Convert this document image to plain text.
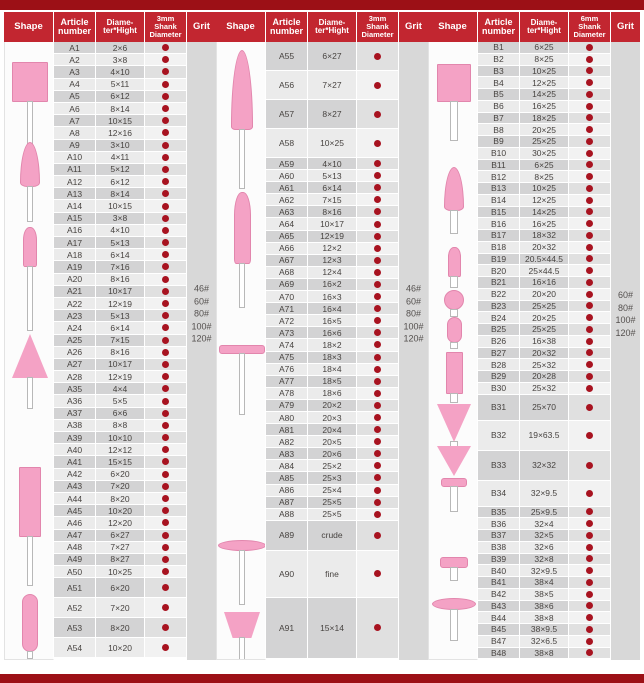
Shape Article
number
Diame-
ter*Hight
3mm
Shank
Diameter
Grit
A1	2×6
A2	3×8
A3	4×10
A4	5×11
A5	6×12
A6	8×14
A7	10×15
A8	12×16
A9	3×10
A10	4×11
A11	5×12
A12	6×12
A13	8×14
A14	10×15
A15	3×8
A16	4×10
A17	5×13
A18	6×14
A19	7×16
A20	8×16
A21	10×17
A22	12×19
A23	5×13
A24	6×14
A25	7×15
A26	8×16
A27	10×17
A28	12×19
A35	4×4
A36	5×5
A37	6×6
A38	8×8
A39	10×10
A40	12×12
A41	15×15
A42	6×20
A43	7×20
A44	8×20
A45	10×20
A46	12×20
A47	6×27
A48	7×27
A49	8×27
A50	10×25
A51	6×20
A52	7×20
A53	8×20
A54	10×20
46#
60#
80#
100#
120#
Shape Article
number
Diame-
ter*Hight
3mm
Shank
Diameter
Grit
A55	6×27
A56	7×27
A57	8×27
A58	10×25
A59	4×10
A60	5×13
A61	6×14
A62	7×15
A63	8×16
A64	10×17
A65	12×19
A66	12×2
A67	12×3
A68	12×4
A69	16×2
A70	16×3
A71	16×4
A72	16×5
A73	16×6
A74	18×2
A75	18×3
A76	18×4
A77	18×5
A78	18×6
A79	20×2
A80	20×3
A81	20×4
A82	20×5
A83	20×6
A84	25×2
A85	25×3
A86	25×4
A87	25×5
A88	25×5
A89	crude
A90	fine
A91	15×14
46#
60#
80#
100#
120#
Shape Article
number
Diame-
ter*Hight
6mm
Shank
Diameter
Grit
B1	6×25
B2	8×25
B3	10×25
B4	12×25
B5	14×25
B6	16×25
B7	18×25
B8	20×25
B9	25×25
B10	30×25
B11	6×25
B12	8×25
B13	10×25
B14	12×25
B15	14×25
B16	16×25
B17	18×32
B18	20×32
B19 20.5×44.5
B20	25×44.5
B21	16×16
B22	20×20
B23	25×25
B24	20×25
B25	25×25
B26	16×38
B27	20×32
B28	25×32
B29	20×28
B30	25×32
B31	25×70
B32	19×63.5
B33	32×32
B34	32×9.5
B35	25×9.5
B36	32×4
B37	32×5
B38	32×6
B39	32×8
B40	32×9.5
B41	38×4
B42	38×5
B43	38×6
B44	38×8
B45	38×9.5
B47	32×6.5
B48	38×8
60#
80#
100#
120#
